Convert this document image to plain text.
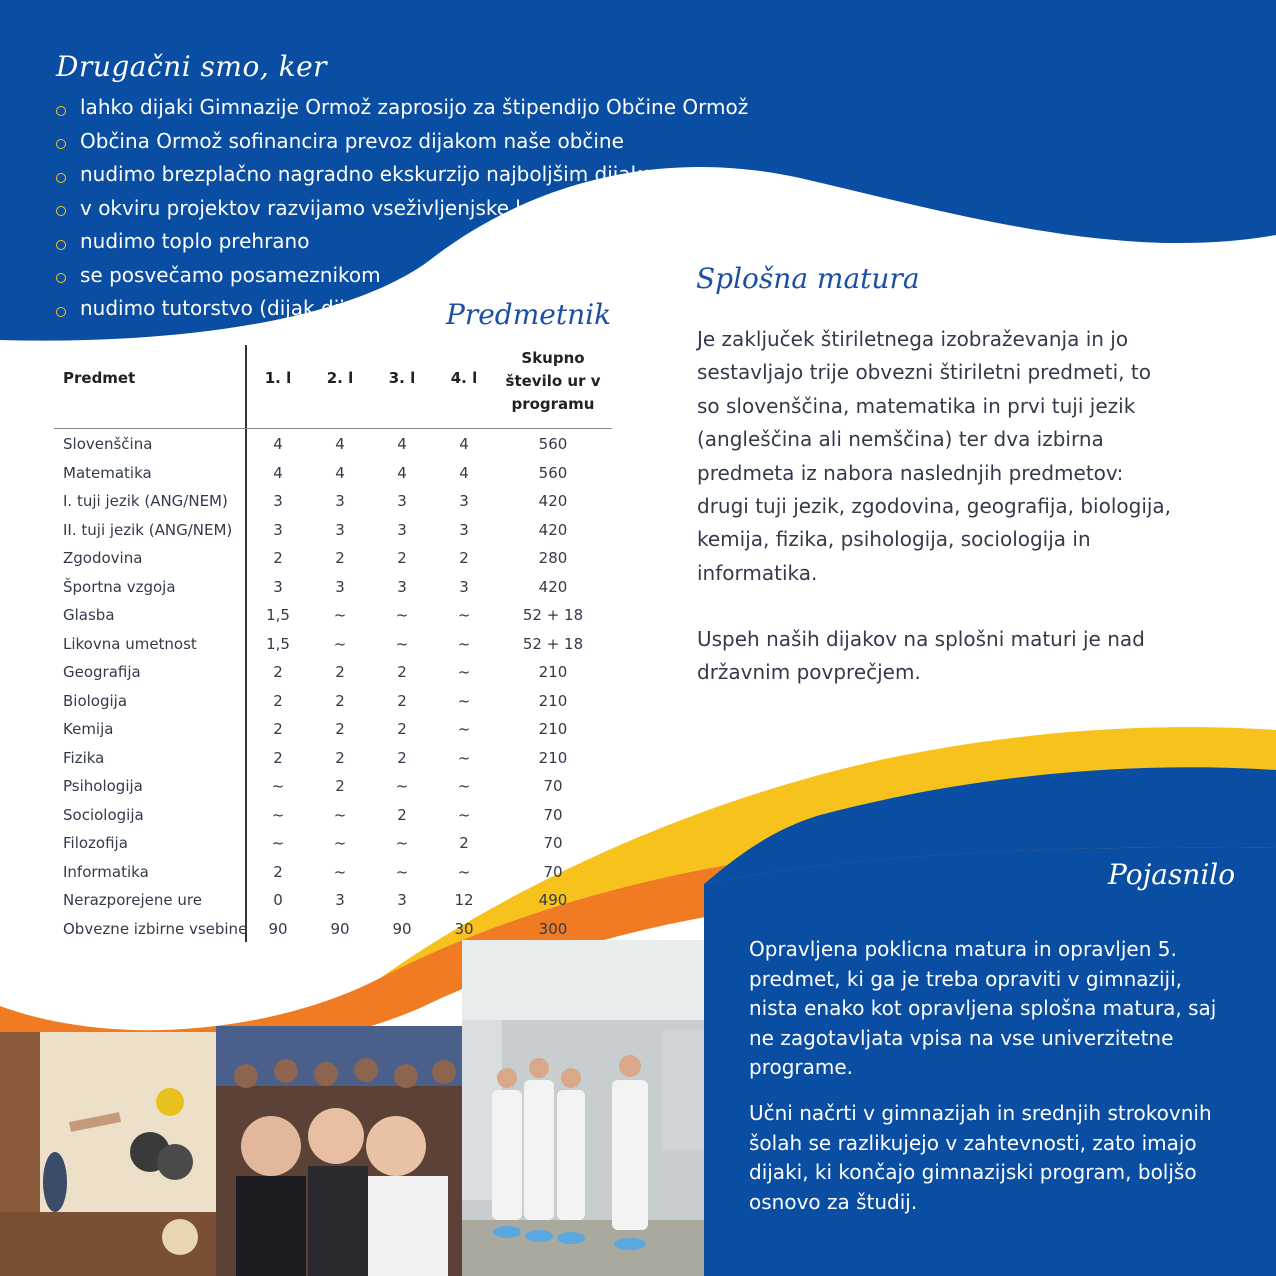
Drugačni smo, ker
lahko dijaki Gimnazije Ormož zaprosijo za štipendijo Občine Ormož
Občina Ormož sofinancira prevoz dijakom naše občine
nudimo brezplačno nagradno ekskurzijo najboljšim dijakom
v okviru projektov razvijamo vseživljenjske kompetence
nudimo toplo prehrano
se posvečamo posameznikom
nudimo tutorstvo (dijak dijaku)	Predmetnik
Predmet	1. l	2. l	3. l	4. l
Skupno
število ur v
programu
Slovenščina	4	4	4	4	560
Matematika	4	4	4	4	560
I. tuji jezik (ANG/NEM)	3	3	3	3	420
II. tuji jezik (ANG/NEM)	3	3	3	3	420
Zgodovina	2	2	2	2	280
Športna vzgoja	3	3	3	3	420
Glasba	1,5	~	~	~	52 + 18
Likovna umetnost	1,5	~	~	~	52 + 18
Geografija	2	2	2	~	210
Biologija	2	2	2	~	210
Kemija	2	2	2	~	210
Fizika	2	2	2	~	210
Psihologija	~	2	~	~	70
Sociologija	~	~	2	~	70
Filozofija	~	~	~	2	70
Informatika	2	~	~	~	70
Nerazporejene ure	0	3	3	12	490
Obvezne izbirne vsebine	90	90	90	30	300
Splošna matura

Je zaključek štiriletnega izobraževanja in jo sestavljajo trije obvezni štiriletni predmeti, to so slovenščina, matematika in prvi tuji jezik (angleščina ali nemščina) ter dva izbirna predmeta iz nabora naslednjih predmetov: drugi tuji jezik, zgodovina, geografija, biologija, kemija, fizika, psihologija, sociologija in informatika.

Uspeh naših dijakov na splošni maturi je nad državnim povprečjem.

Pojasnilo

Opravljena poklicna matura in opravljen 5. predmet, ki ga je treba opraviti v gimnaziji, nista enako kot opravljena splošna matura, saj ne zagotavljata vpisa na vse univerzitetne programe.

Učni načrti v gimnazijah in srednjih strokovnih šolah se razlikujejo v zahtevnosti, zato imajo dijaki, ki končajo gimnazijski program, boljšo osnovo za študij.
